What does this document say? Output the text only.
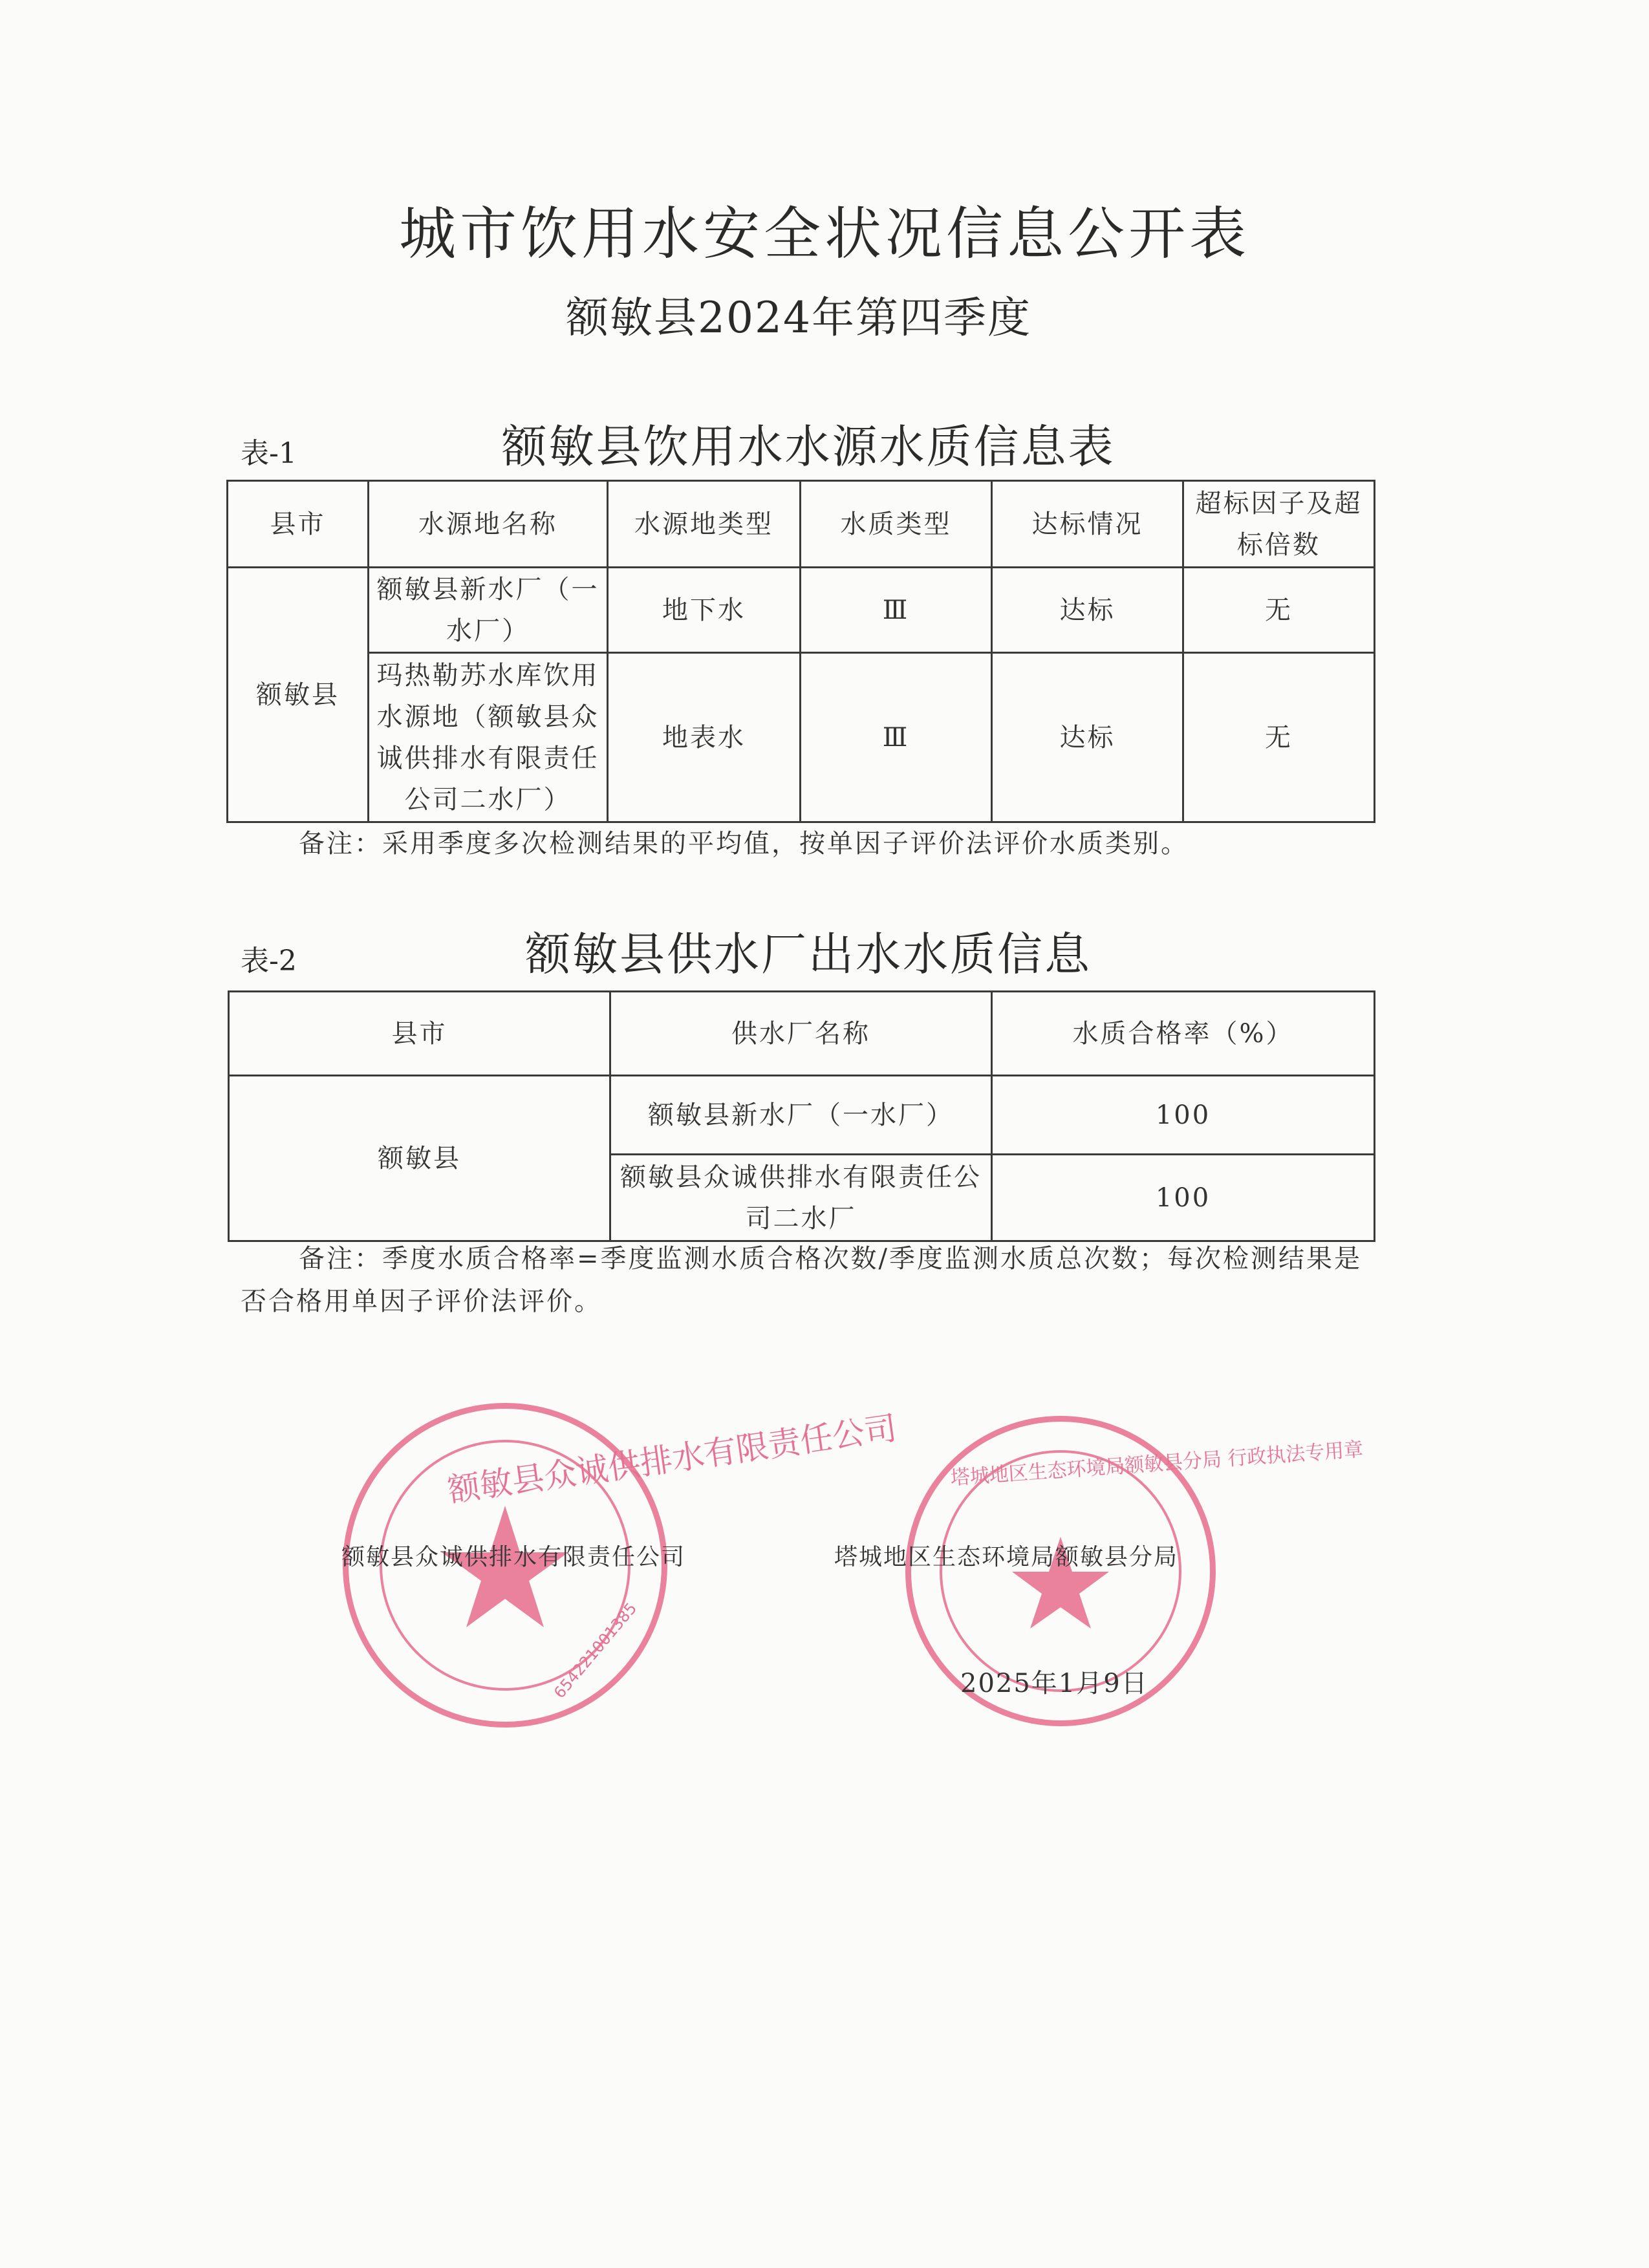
城市饮用水安全状况信息公开表
额敏县2024年第四季度
表-1	额敏县饮用水水源水质信息表
县市	水源地名称	水源地类型	水质类型	达标情况	超标因子及超标倍数
额敏县	额敏县新水厂（一水厂）	地下水	Ⅲ	达标	无
	玛热勒苏水库饮用水源地（额敏县众诚供排水有限责任公司二水厂）	地表水	Ⅲ	达标	无
备注：采用季度多次检测结果的平均值，按单因子评价法评价水质类别。
表-2	额敏县供水厂出水水质信息
县市	供水厂名称	水质合格率（%）
额敏县	额敏县新水厂（一水厂）	100
	额敏县众诚供排水有限责任公司二水厂	100
备注：季度水质合格率=季度监测水质合格次数/季度监测水质总次数；每次检测结果是否合格用单因子评价法评价。
额敏县众诚供排水有限责任公司
654221001385
塔城地区生态环境局额敏县分局 行政执法专用章
额敏县众诚供排水有限责任公司	塔城地区生态环境局额敏县分局
2025年1月9日
